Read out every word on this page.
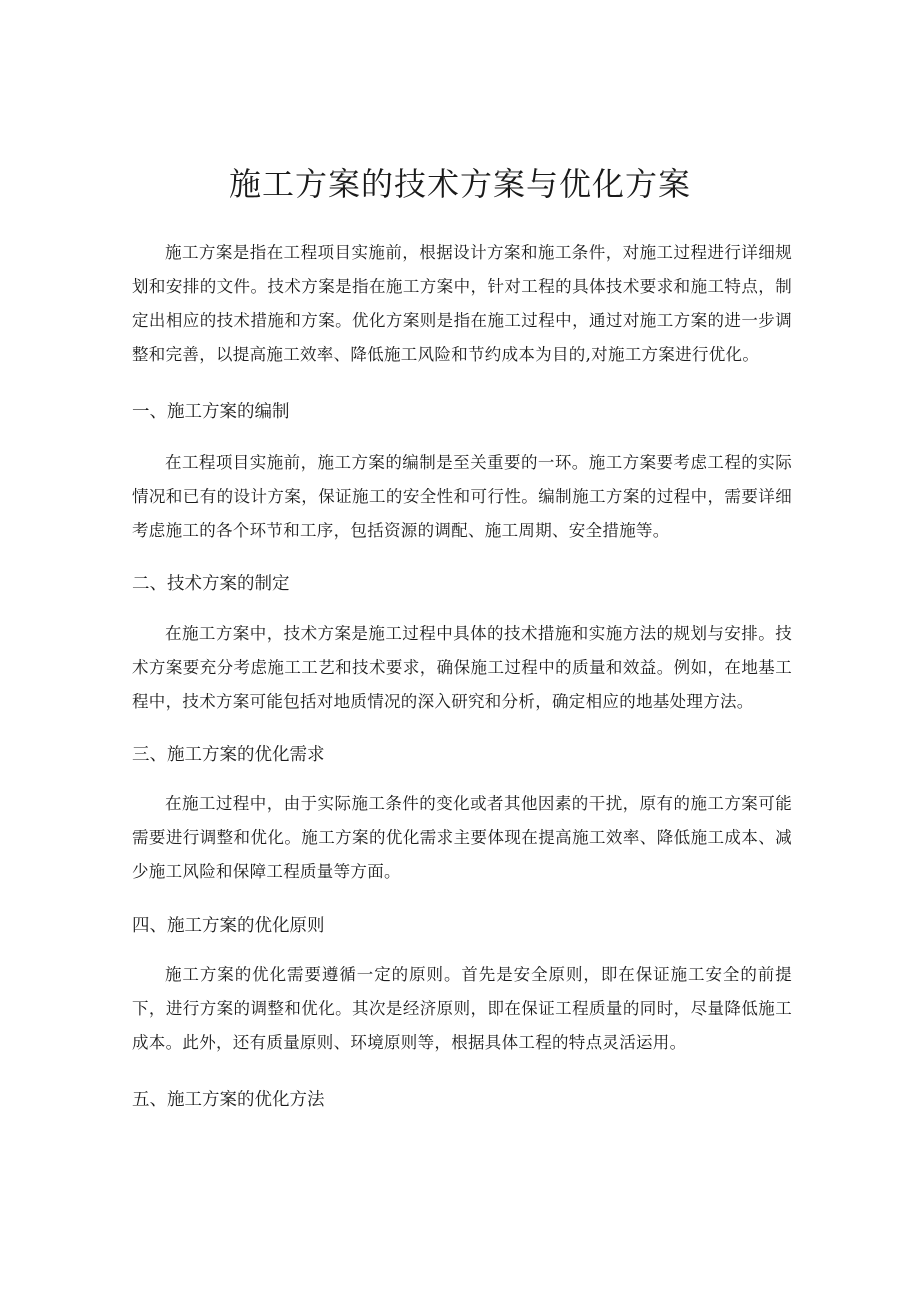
施工方案的技术方案与优化方案

施工方案是指在工程项目实施前，根据设计方案和施工条件，对施工过程进行详细规划和安排的文件。技术方案是指在施工方案中，针对工程的具体技术要求和施工特点，制定出相应的技术措施和方案。优化方案则是指在施工过程中，通过对施工方案的进一步调整和完善，以提高施工效率、降低施工风险和节约成本为目的,对施工方案进行优化。

一、施工方案的编制

在工程项目实施前，施工方案的编制是至关重要的一环。施工方案要考虑工程的实际情况和已有的设计方案，保证施工的安全性和可行性。编制施工方案的过程中，需要详细考虑施工的各个环节和工序，包括资源的调配、施工周期、安全措施等。

二、技术方案的制定

在施工方案中，技术方案是施工过程中具体的技术措施和实施方法的规划与安排。技术方案要充分考虑施工工艺和技术要求，确保施工过程中的质量和效益。例如，在地基工程中，技术方案可能包括对地质情况的深入研究和分析，确定相应的地基处理方法。

三、施工方案的优化需求

在施工过程中，由于实际施工条件的变化或者其他因素的干扰，原有的施工方案可能需要进行调整和优化。施工方案的优化需求主要体现在提高施工效率、降低施工成本、减少施工风险和保障工程质量等方面。

四、施工方案的优化原则

施工方案的优化需要遵循一定的原则。首先是安全原则，即在保证施工安全的前提下，进行方案的调整和优化。其次是经济原则，即在保证工程质量的同时，尽量降低施工成本。此外，还有质量原则、环境原则等，根据具体工程的特点灵活运用。

五、施工方案的优化方法
